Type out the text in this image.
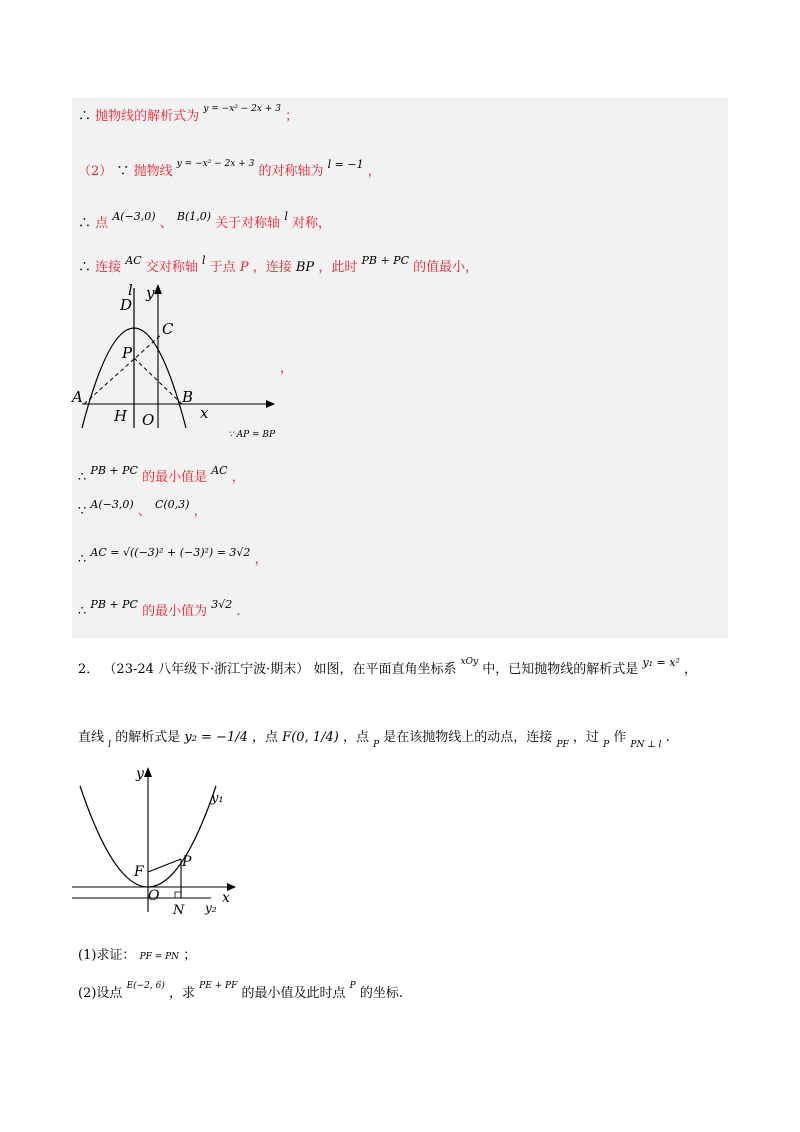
∴ 抛物线的解析式为 $^{y = -x^2 - 2x + 3}$ ；
（2） ∵ 抛物线 $^{y = -x^2 - 2x + 3}$ 的对称轴为 $^{l = -1}$ ，
∴ 点 $^{A(-3,0)}$ 、 $^{B(1,0)}$ 关于对称轴 $^l$ 对称，
∴ 连接 $^{AC}$ 交对称轴 $^l$ 于点 P ，连接 BP ，此时 $^{PB + PC}$ 的值最小，
l y
D
C
P
A	B
H O	x
，
∵ AP = BP
∴ $^{PB + PC}$ 的最小值是 $^{AC}$ ，
∵ $^{A(-3,0)}$ 、 $^{C(0,3)}$ ，
∴ $^{AC = √((-3)^2 + (-3)^2) = 3√2}$ ，
∴ $^{PB + PC}$ 的最小值为 $^{3√2}$ .
2． （23-24 八年级下·浙江宁波·期末） 如图，在平面直角坐标系 $^{xOy}$ 中，已知抛物线的解析式是 $^{y_1 = x^2}$ ，
直线 $_l$ 的解析式是 y₂ = −1/4 ，点 F(0, 1/4) ，点 $_P$ 是在该抛物线上的动点，连接 $_{PF}$ ，过 $_P$ 作 $_{PN \perp l}$ .
y
y₁
F
P
O
N y₂
x
(1)求证： PF = PN ；
(2)设点 $^{E(-2, 6)}$ ，求 $^{PE + PF}$ 的最小值及此时点 $^P$ 的坐标.
